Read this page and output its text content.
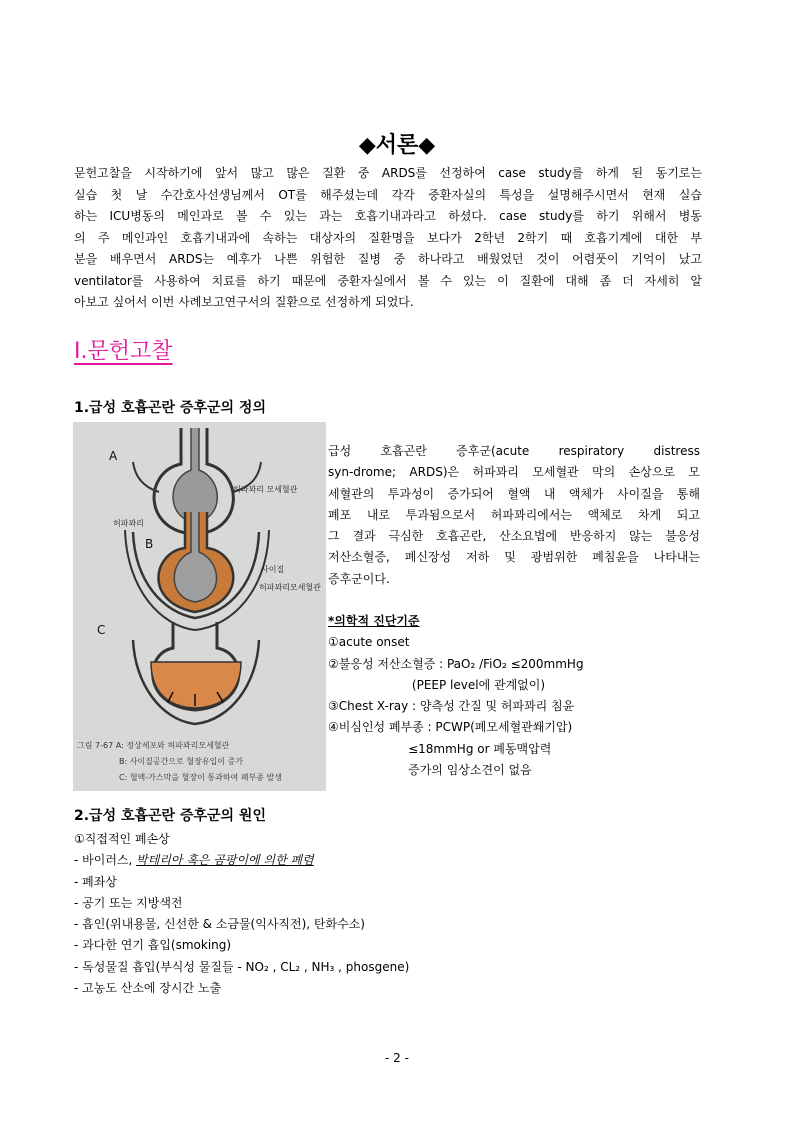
◆서론◆
문헌고찰을 시작하기에 앞서 많고 많은 질환 중 ARDS를 선정하여 case study를 하게 된 동기로는
실습 첫 날 수간호사선생님께서 OT를 해주셨는데 각각 중환자실의 특성을 설명해주시면서 현재 실습
하는 ICU병동의 메인과로 볼 수 있는 과는 호흡기내과라고 하셨다. case study를 하기 위해서 병동
의 주 메인과인 호흡기내과에 속하는 대상자의 질환명을 보다가 2학년 2학기 때 호흡기계에 대한 부
분을 배우면서 ARDS는 예후가 나쁜 위험한 질병 중 하나라고 배웠었던 것이 어렴풋이 기억이 났고
ventilator를 사용하여 치료를 하기 때문에 중환자실에서 볼 수 있는 이 질환에 대해 좀 더 자세히 알
아보고 싶어서 이번 사례보고연구서의 질환으로 선정하게 되었다.
Ⅰ.문헌고찰
1.급성 호흡곤란 증후군의 정의
A
허파꽈리 모세혈관
허파꽈리
B
사이질
허파꽈리모세혈관
C
그림 7-67 A: 정상세포와 허파꽈리모세혈관
B: 사이질공간으로 혈장유입이 증가
C: 혈액-가스막을 혈장이 통과하여 폐부종 발생
급성 호흡곤란 증후군(acute respiratory distress
syn-drome; ARDS)은 허파꽈리 모세혈관 막의 손상으로 모
세혈관의 투과성이 증가되어 혈액 내 액체가 사이질을 통해
폐포 내로 투과됨으로서 허파꽈리에서는 액체로 차게 되고
그 결과 극심한 호흡곤란, 산소요법에 반응하지 않는 불응성
저산소혈증, 폐신장성 저하 및 광범위한 폐침윤을 나타내는
증후군이다.
*의학적 진단기준
①acute onset
②불응성 저산소혈증 : PaO₂ /FiO₂ ≤200mmHg
(PEEP level에 관계없이)
③Chest X-ray : 양측성 간질 및 허파꽈리 침윤
④비심인성 폐부종 : PCWP(폐모세혈관쐐기압)
≤18mmHg or 폐동맥압력
증가의 임상소견이 없음
2.급성 호흡곤란 증후군의 원인
①직접적인 폐손상
- 바이러스, 박테리아 혹은 곰팡이에 의한 폐렴
- 폐좌상
- 공기 또는 지방색전
- 흡인(위내용물, 신선한 & 소금물(익사직전), 탄화수소)
- 과다한 연기 흡입(smoking)
- 독성물질 흡입(부식성 물질들 - NO₂ , CL₂ , NH₃ , phosgene)
- 고농도 산소에 장시간 노출
- 2 -
